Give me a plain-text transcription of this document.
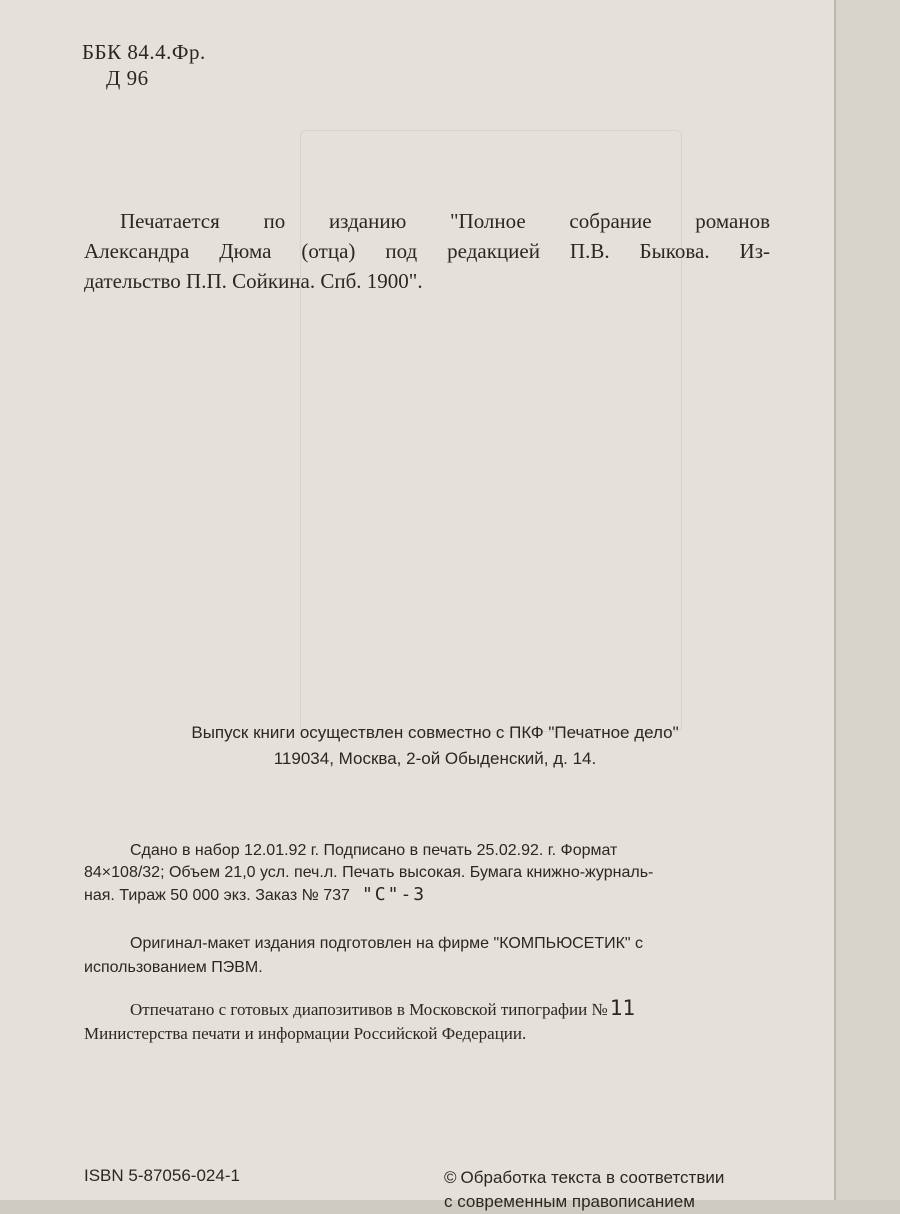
ББК 84.4.Фр.
Д 96
Печатается по изданию "Полное собрание романов
Александра Дюма (отца) под редакцией П.В. Быкова. Из-
дательство П.П. Сойкина. Спб. 1900".
Выпуск книги осуществлен совместно с ПКФ "Печатное дело"
119034, Москва, 2-ой Обыденский, д. 14.
Сдано в набор 12.01.92 г. Подписано в печать 25.02.92. г. Формат
84×108/32; Объем 21,0 усл. печ.л. Печать высокая. Бумага книжно-журналь-
ная. Тираж 50 000 экз. Заказ № 737 "С"-3
Оригинал-макет издания подготовлен на фирме "КОМПЬЮСЕТИК" с
использованием ПЭВМ.
Отпечатано с готовых диапозитивов в Московской типографии №11
Министерства печати и информации Российской Федерации.
ISBN 5-87056-024-1	© Обработка текста в соответствии
с современным правописанием
